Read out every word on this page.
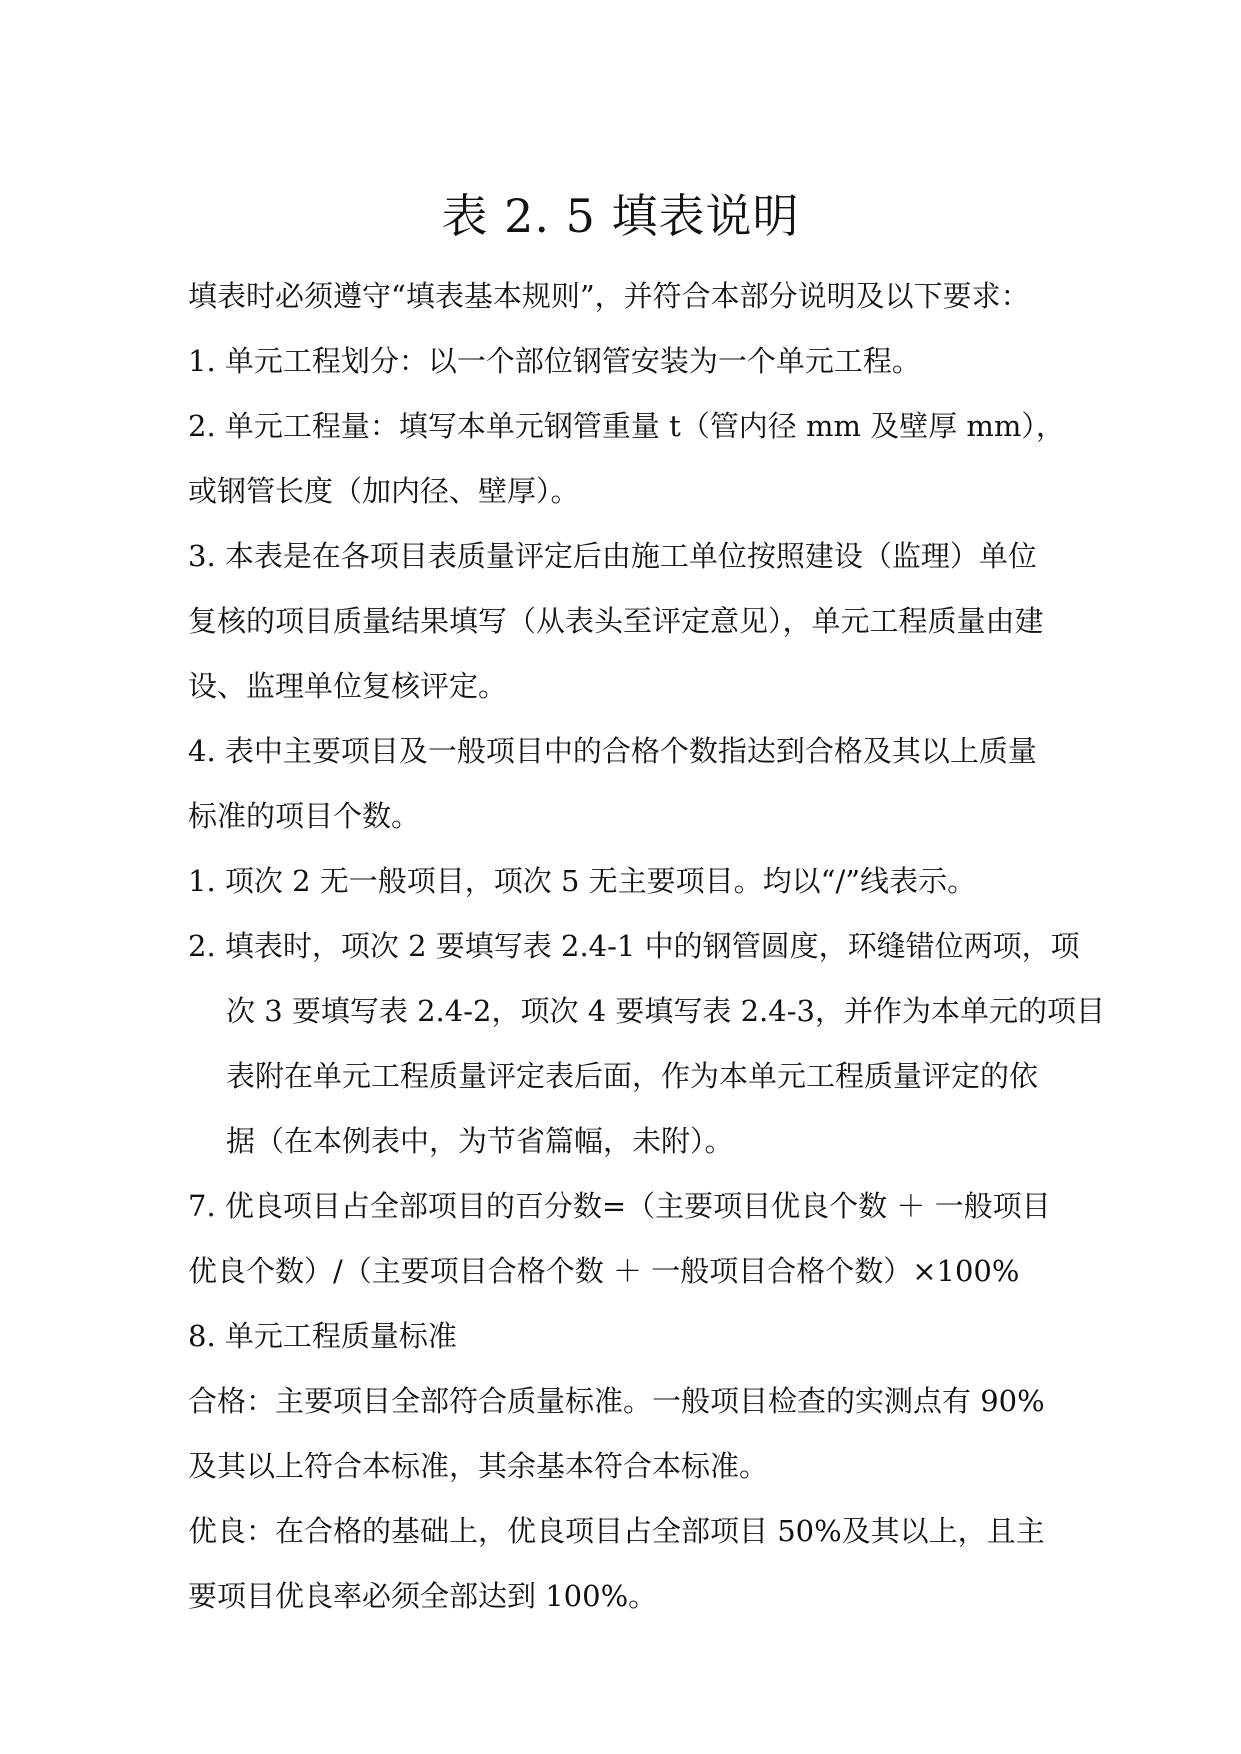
表 2. 5 填表说明

填表时必须遵守“填表基本规则”，并符合本部分说明及以下要求：

1. 单元工程划分：以一个部位钢管安装为一个单元工程。

2. 单元工程量：填写本单元钢管重量 t（管内径 mm 及壁厚 mm），

或钢管长度（加内径、壁厚）。

3. 本表是在各项目表质量评定后由施工单位按照建设（监理）单位

复核的项目质量结果填写（从表头至评定意见），单元工程质量由建

设、监理单位复核评定。

4. 表中主要项目及一般项目中的合格个数指达到合格及其以上质量

标准的项目个数。

1. 项次 2 无一般项目，项次 5 无主要项目。均以“/”线表示。

2. 填表时，项次 2 要填写表 2.4-1 中的钢管圆度，环缝错位两项，项

次 3 要填写表 2.4-2，项次 4 要填写表 2.4-3，并作为本单元的项目

表附在单元工程质量评定表后面，作为本单元工程质量评定的依

据（在本例表中，为节省篇幅，未附）。

7. 优良项目占全部项目的百分数=（主要项目优良个数 ＋ 一般项目

优良个数）/（主要项目合格个数 ＋ 一般项目合格个数）×100%

8. 单元工程质量标准

合格：主要项目全部符合质量标准。一般项目检查的实测点有 90%

及其以上符合本标准，其余基本符合本标准。

优良：在合格的基础上，优良项目占全部项目 50%及其以上，且主

要项目优良率必须全部达到 100%。
